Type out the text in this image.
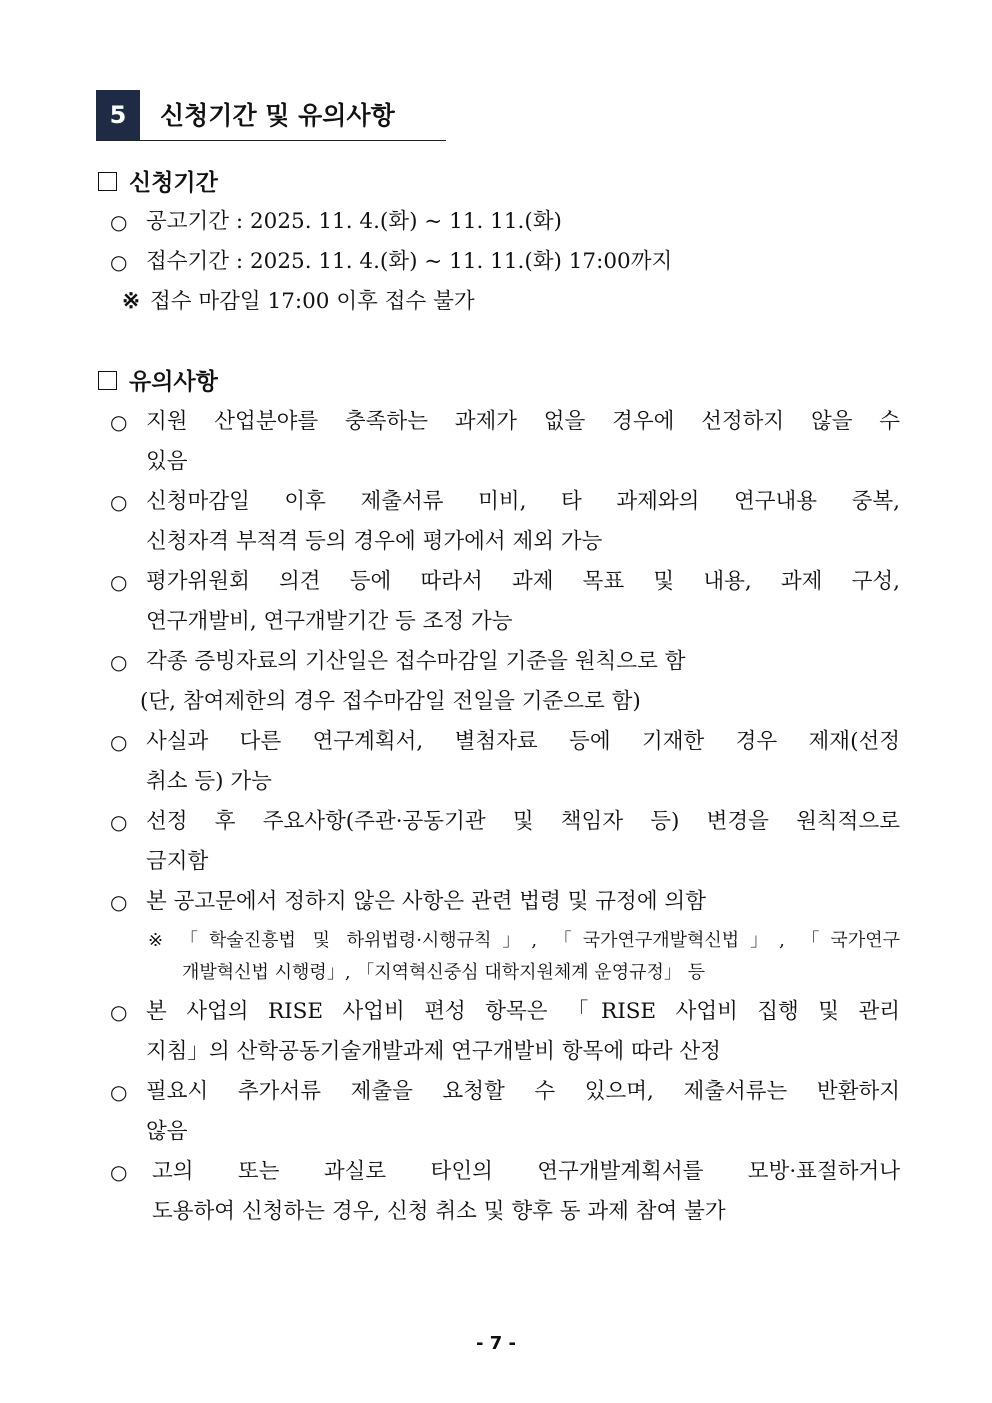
5	신청기간 및 유의사항
신청기간
○ 공고기간 : 2025. 11. 4.(화) ~ 11. 11.(화)
○ 접수기간 : 2025. 11. 4.(화) ~ 11. 11.(화) 17:00까지
※ 접수 마감일 17:00 이후 접수 불가
유의사항
○ 지원 산업분야를 충족하는 과제가 없을 경우에 선정하지 않을 수
있음
○ 신청마감일 이후 제출서류 미비, 타 과제와의 연구내용 중복,
신청자격 부적격 등의 경우에 평가에서 제외 가능
○ 평가위원회 의견 등에 따라서 과제 목표 및 내용, 과제 구성,
연구개발비, 연구개발기간 등 조정 가능
○ 각종 증빙자료의 기산일은 접수마감일 기준을 원칙으로 함
(단, 참여제한의 경우 접수마감일 전일을 기준으로 함)
○ 사실과 다른 연구계획서, 별첨자료 등에 기재한 경우 제재(선정
취소 등) 가능
○ 선정 후 주요사항(주관·공동기관 및 책임자 등) 변경을 원칙적으로
금지함
○ 본 공고문에서 정하지 않은 사항은 관련 법령 및 규정에 의함
※ 「학술진흥법 및 하위법령·시행규칙」, 「국가연구개발혁신법」, 「국가연구
개발혁신법 시행령」, 「지역혁신중심 대학지원체계 운영규정」 등
○ 본 사업의 RISE 사업비 편성 항목은 「RISE 사업비 집행 및 관리
지침」의 산학공동기술개발과제 연구개발비 항목에 따라 산정
○ 필요시 추가서류 제출을 요청할 수 있으며, 제출서류는 반환하지
않음
○ 고의 또는 과실로 타인의 연구개발계획서를 모방·표절하거나
도용하여 신청하는 경우, 신청 취소 및 향후 동 과제 참여 불가
- 7 -
